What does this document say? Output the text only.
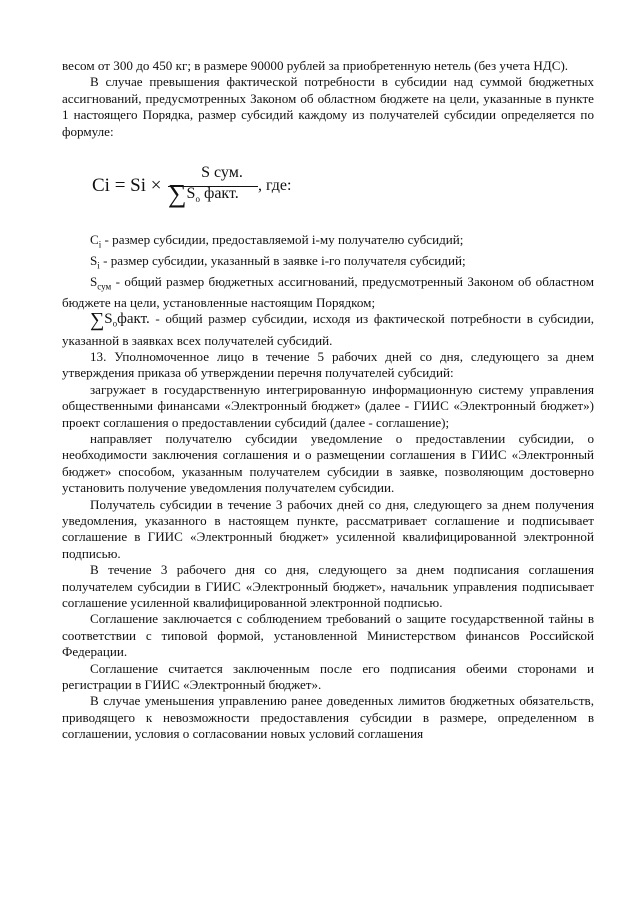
весом от 300 до 450 кг; в размере 90000 рублей за приобретенную нетель (без учета НДС).

В случае превышения фактической потребности в субсидии над суммой бюджетных ассигнований, предусмотренных Законом об областном бюджете на цели, указанные в пункте 1 настоящего Порядка, размер субсидий каждому из получателей субсидии определяется по формуле:

Ci = Si ×
S сум.
$\sum S_о$ факт. , где:

$C_i$ - размер субсидии, предоставляемой i-му получателю субсидий;

$S_i$ - размер субсидии, указанный в заявке i-го получателя субсидий;

$S_{сум}$ - общий размер бюджетных ассигнований, предусмотренный Законом об областном бюджете на цели, установленные настоящим Порядком;

$\sum S_офакт$. - общий размер субсидии, исходя из фактической потребности в субсидии, указанной в заявках всех получателей субсидий.

13. Уполномоченное лицо в течение 5 рабочих дней со дня, следующего за днем утверждения приказа об утверждении перечня получателей субсидий:

загружает в государственную интегрированную информационную систему управления общественными финансами «Электронный бюджет» (далее - ГИИС «Электронный бюджет») проект соглашения о предоставлении субсидий (далее - соглашение);

направляет получателю субсидии уведомление о предоставлении субсидии, о необходимости заключения соглашения и о размещении соглашения в ГИИС «Электронный бюджет» способом, указанным получателем субсидии в заявке, позволяющим достоверно установить получение уведомления получателем субсидии.

Получатель субсидии в течение 3 рабочих дней со дня, следующего за днем получения уведомления, указанного в настоящем пункте, рассматривает соглашение и подписывает соглашение в ГИИС «Электронный бюджет» усиленной квалифицированной электронной подписью.

В течение 3 рабочего дня со дня, следующего за днем подписания соглашения получателем субсидии в ГИИС «Электронный бюджет», начальник управления подписывает соглашение усиленной квалифицированной электронной подписью.

Соглашение заключается с соблюдением требований о защите государственной тайны в соответствии с типовой формой, установленной Министерством финансов Российской Федерации.

Соглашение считается заключенным после его подписания обеими сторонами и регистрации в ГИИС «Электронный бюджет».

В случае уменьшения управлению ранее доведенных лимитов бюджетных обязательств, приводящего к невозможности предоставления субсидии в размере, определенном в соглашении, условия о согласовании новых условий соглашения
